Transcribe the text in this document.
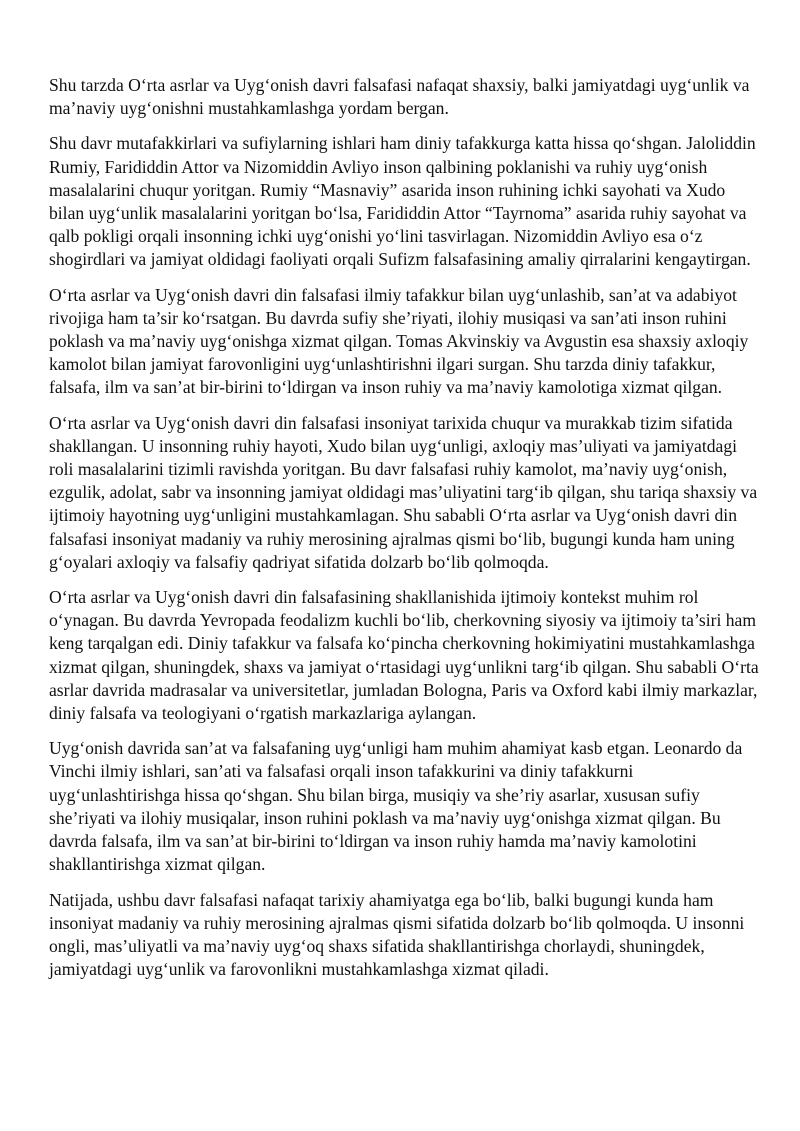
Shu tarzda O‘rta asrlar va Uyg‘onish davri falsafasi nafaqat shaxsiy, balki jamiyatdagi uyg‘unlik va ma’naviy uyg‘onishni mustahkamlashga yordam bergan.

Shu davr mutafakkirlari va sufiylarning ishlari ham diniy tafakkurga katta hissa qo‘shgan. Jaloliddin Rumiy, Farididdin Attor va Nizomiddin Avliyo inson qalbining poklanishi va ruhiy uyg‘onish masalalarini chuqur yoritgan. Rumiy “Masnaviy” asarida inson ruhining ichki sayohati va Xudo bilan uyg‘unlik masalalarini yoritgan bo‘lsa, Farididdin Attor “Tayrnoma” asarida ruhiy sayohat va qalb pokligi orqali insonning ichki uyg‘onishi yo‘lini tasvirlagan. Nizomiddin Avliyo esa o‘z shogirdlari va jamiyat oldidagi faoliyati orqali Sufizm falsafasining amaliy qirralarini kengaytirgan.

O‘rta asrlar va Uyg‘onish davri din falsafasi ilmiy tafakkur bilan uyg‘unlashib, san’at va adabiyot rivojiga ham ta’sir ko‘rsatgan. Bu davrda sufiy she’riyati, ilohiy musiqasi va san’ati inson ruhini poklash va ma’naviy uyg‘onishga xizmat qilgan. Tomas Akvinskiy va Avgustin esa shaxsiy axloqiy kamolot bilan jamiyat farovonligini uyg‘unlashtirishni ilgari surgan. Shu tarzda diniy tafakkur, falsafa, ilm va san’at bir-birini to‘ldirgan va inson ruhiy va ma’naviy kamolotiga xizmat qilgan.

O‘rta asrlar va Uyg‘onish davri din falsafasi insoniyat tarixida chuqur va murakkab tizim sifatida shakllangan. U insonning ruhiy hayoti, Xudo bilan uyg‘unligi, axloqiy mas’uliyati va jamiyatdagi roli masalalarini tizimli ravishda yoritgan. Bu davr falsafasi ruhiy kamolot, ma’naviy uyg‘onish, ezgulik, adolat, sabr va insonning jamiyat oldidagi mas’uliyatini targ‘ib qilgan, shu tariqa shaxsiy va ijtimoiy hayotning uyg‘unligini mustahkamlagan. Shu sababli O‘rta asrlar va Uyg‘onish davri din falsafasi insoniyat madaniy va ruhiy merosining ajralmas qismi bo‘lib, bugungi kunda ham uning g‘oyalari axloqiy va falsafiy qadriyat sifatida dolzarb bo‘lib qolmoqda.

O‘rta asrlar va Uyg‘onish davri din falsafasining shakllanishida ijtimoiy kontekst muhim rol o‘ynagan. Bu davrda Yevropada feodalizm kuchli bo‘lib, cherkovning siyosiy va ijtimoiy ta’siri ham keng tarqalgan edi. Diniy tafakkur va falsafa ko‘pincha cherkovning hokimiyatini mustahkamlashga xizmat qilgan, shuningdek, shaxs va jamiyat o‘rtasidagi uyg‘unlikni targ‘ib qilgan. Shu sababli O‘rta asrlar davrida madrasalar va universitetlar, jumladan Bologna, Paris va Oxford kabi ilmiy markazlar, diniy falsafa va teologiyani o‘rgatish markazlariga aylangan.

Uyg‘onish davrida san’at va falsafaning uyg‘unligi ham muhim ahamiyat kasb etgan. Leonardo da Vinchi ilmiy ishlari, san’ati va falsafasi orqali inson tafakkurini va diniy tafakkurni uyg‘unlashtirishga hissa qo‘shgan. Shu bilan birga, musiqiy va she’riy asarlar, xususan sufiy she’riyati va ilohiy musiqalar, inson ruhini poklash va ma’naviy uyg‘onishga xizmat qilgan. Bu davrda falsafa, ilm va san’at bir-birini to‘ldirgan va inson ruhiy hamda ma’naviy kamolotini shakllantirishga xizmat qilgan.

Natijada, ushbu davr falsafasi nafaqat tarixiy ahamiyatga ega bo‘lib, balki bugungi kunda ham insoniyat madaniy va ruhiy merosining ajralmas qismi sifatida dolzarb bo‘lib qolmoqda. U insonni ongli, mas’uliyatli va ma’naviy uyg‘oq shaxs sifatida shakllantirishga chorlaydi, shuningdek, jamiyatdagi uyg‘unlik va farovonlikni mustahkamlashga xizmat qiladi.
